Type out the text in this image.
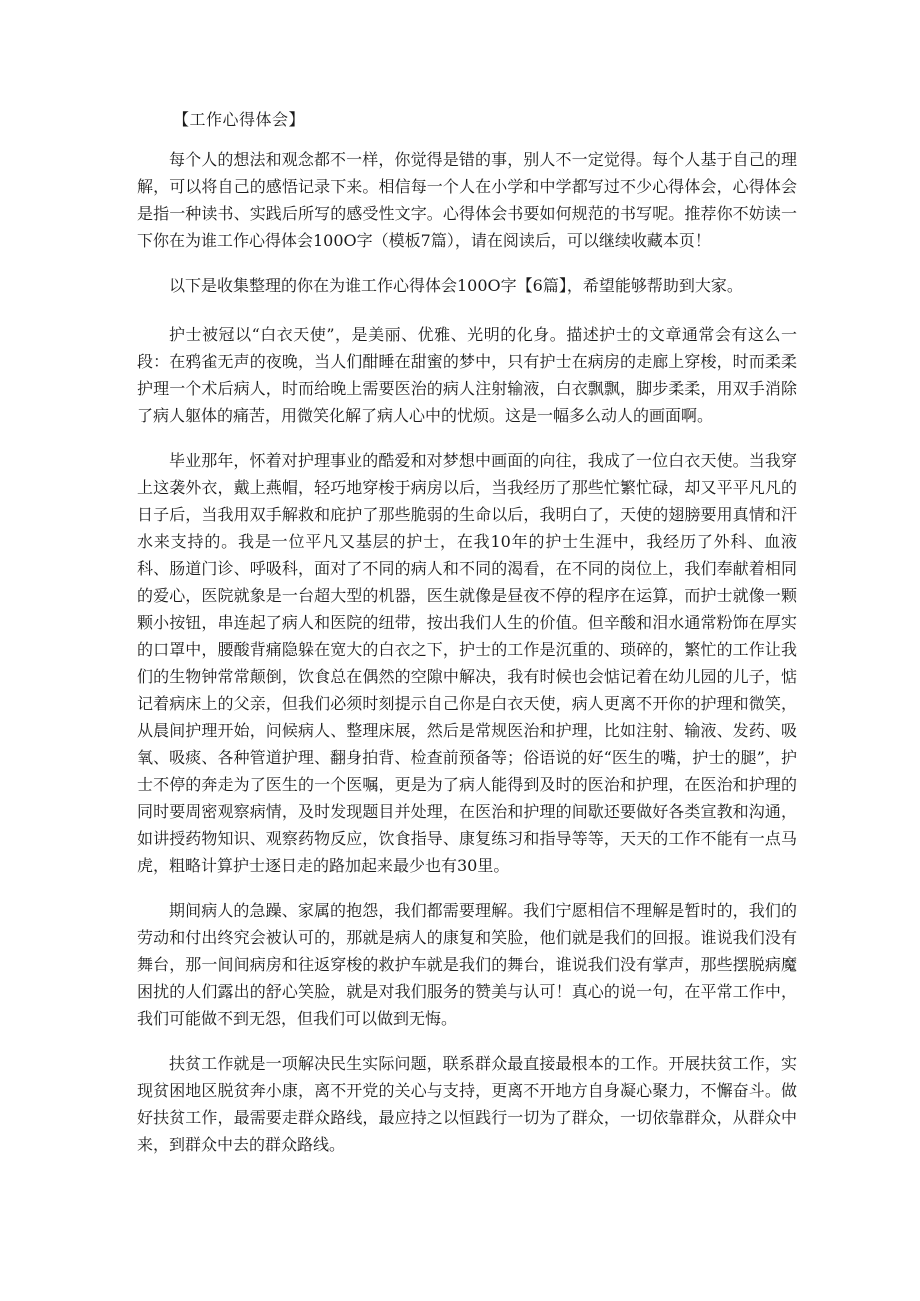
【工作心得体会】

每个人的想法和观念都不一样，你觉得是错的事，别人不一定觉得。每个人基于自己的理解，可以将自己的感悟记录下来。相信每一个人在小学和中学都写过不少心得体会，心得体会是指一种读书、实践后所写的感受性文字。心得体会书要如何规范的书写呢。推荐你不妨读一下你在为谁工作心得体会100O字（模板7篇），请在阅读后，可以继续收藏本页！

以下是收集整理的你在为谁工作心得体会100O字【6篇】，希望能够帮助到大家。

护士被冠以“白衣天使”，是美丽、优雅、光明的化身。描述护士的文章通常会有这么一段：在鸦雀无声的夜晚，当人们酣睡在甜蜜的梦中，只有护士在病房的走廊上穿梭，时而柔柔护理一个术后病人，时而给晚上需要医治的病人注射输液，白衣飘飘，脚步柔柔，用双手消除了病人躯体的痛苦，用微笑化解了病人心中的忧烦。这是一幅多么动人的画面啊。

毕业那年，怀着对护理事业的酷爱和对梦想中画面的向往，我成了一位白衣天使。当我穿上这袭外衣，戴上燕帽，轻巧地穿梭于病房以后，当我经历了那些忙繁忙碌，却又平平凡凡的日子后，当我用双手解救和庇护了那些脆弱的生命以后，我明白了，天使的翅膀要用真情和汗水来支持的。我是一位平凡又基层的护士，在我10年的护士生涯中，我经历了外科、血液科、肠道门诊、呼吸科，面对了不同的病人和不同的渴看，在不同的岗位上，我们奉献着相同的爱心，医院就象是一台超大型的机器，医生就像是昼夜不停的程序在运算，而护士就像一颗颗小按钮，串连起了病人和医院的纽带，按出我们人生的价值。但辛酸和泪水通常粉饰在厚实的口罩中，腰酸背痛隐躲在宽大的白衣之下，护士的工作是沉重的、琐碎的，繁忙的工作让我们的生物钟常常颠倒，饮食总在偶然的空隙中解决，我有时候也会惦记着在幼儿园的儿子，惦记着病床上的父亲，但我们必须时刻提示自己你是白衣天使，病人更离不开你的护理和微笑，从晨间护理开始，问候病人、整理床展，然后是常规医治和护理，比如注射、输液、发药、吸氧、吸痰、各种管道护理、翻身拍背、检查前预备等；俗语说的好“医生的嘴，护士的腿”，护士不停的奔走为了医生的一个医嘱，更是为了病人能得到及时的医治和护理，在医治和护理的同时要周密观察病情，及时发现题目并处理，在医治和护理的间歇还要做好各类宣教和沟通，如讲授药物知识、观察药物反应，饮食指导、康复练习和指导等等，天天的工作不能有一点马虎，粗略计算护士逐日走的路加起来最少也有30里。

期间病人的急躁、家属的抱怨，我们都需要理解。我们宁愿相信不理解是暂时的，我们的劳动和付出终究会被认可的，那就是病人的康复和笑脸，他们就是我们的回报。谁说我们没有舞台，那一间间病房和往返穿梭的救护车就是我们的舞台，谁说我们没有掌声，那些摆脱病魔困扰的人们露出的舒心笑脸，就是对我们服务的赞美与认可！真心的说一句，在平常工作中，我们可能做不到无怨，但我们可以做到无悔。

扶贫工作就是一项解决民生实际问题，联系群众最直接最根本的工作。开展扶贫工作，实现贫困地区脱贫奔小康，离不开党的关心与支持，更离不开地方自身凝心聚力，不懈奋斗。做好扶贫工作，最需要走群众路线，最应持之以恒践行一切为了群众，一切依靠群众，从群众中来，到群众中去的群众路线。
